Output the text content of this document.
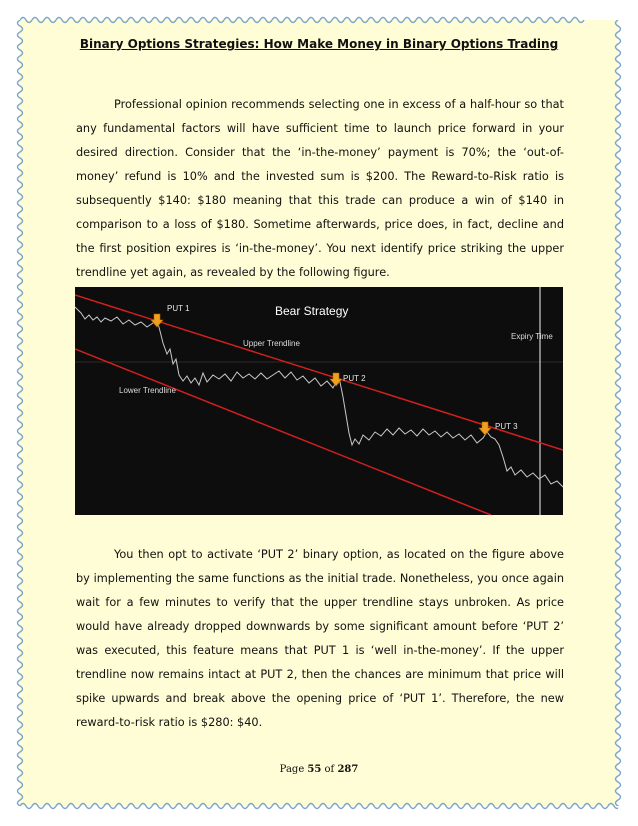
Binary Options Strategies: How Make Money in Binary Options Trading

Professional opinion recommends selecting one in excess of a half-hour so that any fundamental factors will have sufficient time to launch price forward in your desired direction. Consider that the ‘in-the-money’ payment is 70%; the ‘out-of-money’ refund is 10% and the invested sum is $200. The Reward-to-Risk ratio is subsequently $140: $180 meaning that this trade can produce a win of $140 in comparison to a loss of $180. Sometime afterwards, price does, in fact, decline and the first position expires is ‘in-the-money’. You next identify price striking the upper trendline yet again, as revealed by the following figure.

Bear Strategy
Upper Trendline
Lower Trendline
Expiry Time
PUT 1
PUT 2
PUT 3

You then opt to activate ‘PUT 2’ binary option, as located on the figure above by implementing the same functions as the initial trade. Nonetheless, you once again wait for a few minutes to verify that the upper trendline stays unbroken. As price would have already dropped downwards by some significant amount before ‘PUT 2’ was executed, this feature means that PUT 1 is ‘well in-the-money’. If the upper trendline now remains intact at PUT 2, then the chances are minimum that price will spike upwards and break above the opening price of ‘PUT 1’. Therefore, the new reward-to-risk ratio is $280: $40.

Page 55 of 287
